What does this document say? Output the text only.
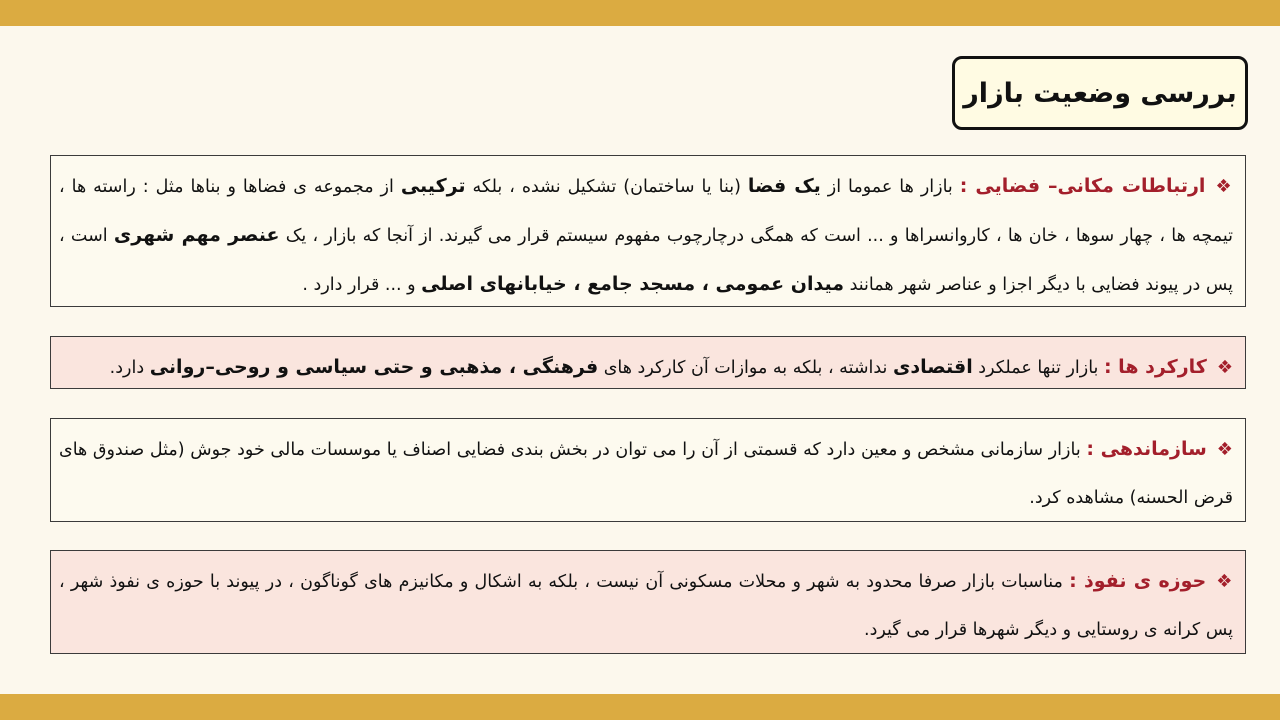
بررسی وضعیت بازار
❖ارتباطات مکانی– فضایی : بازار ها عموما از یک فضا (بنا یا ساختمان) تشکیل نشده ، بلکه ترکیبی از مجموعه ی فضاها و بناها مثل : راسته ها ، تیمچه ها ، چهار سوها ، خان ها ، کاروانسراها و ... است که همگی درچارچوب مفهوم سیستم قرار می گیرند. از آنجا که بازار ، یک عنصر مهم شهری است ، پس در پیوند فضایی با دیگر اجزا و عناصر شهر همانند میدان عمومی ، مسجد جامع ، خیابانهای اصلی و ... قرار دارد .
❖کارکرد ها : بازار تنها عملکرد اقتصادی نداشته ، بلکه به موازات آن کارکرد های فرهنگی ، مذهبی و حتی سیاسی و روحی–روانی دارد.
❖سازماندهی : بازار سازمانی مشخص و معین دارد که قسمتی از آن را می توان در بخش بندی فضایی اصناف یا موسسات مالی خود جوش (مثل صندوق های قرض الحسنه) مشاهده کرد.
❖حوزه ی نفوذ : مناسبات بازار صرفا محدود به شهر و محلات مسکونی آن نیست ، بلکه به اشکال و مکانیزم های گوناگون ، در پیوند با حوزه ی نفوذ شهر ، پس کرانه ی روستایی و دیگر شهرها قرار می گیرد.
